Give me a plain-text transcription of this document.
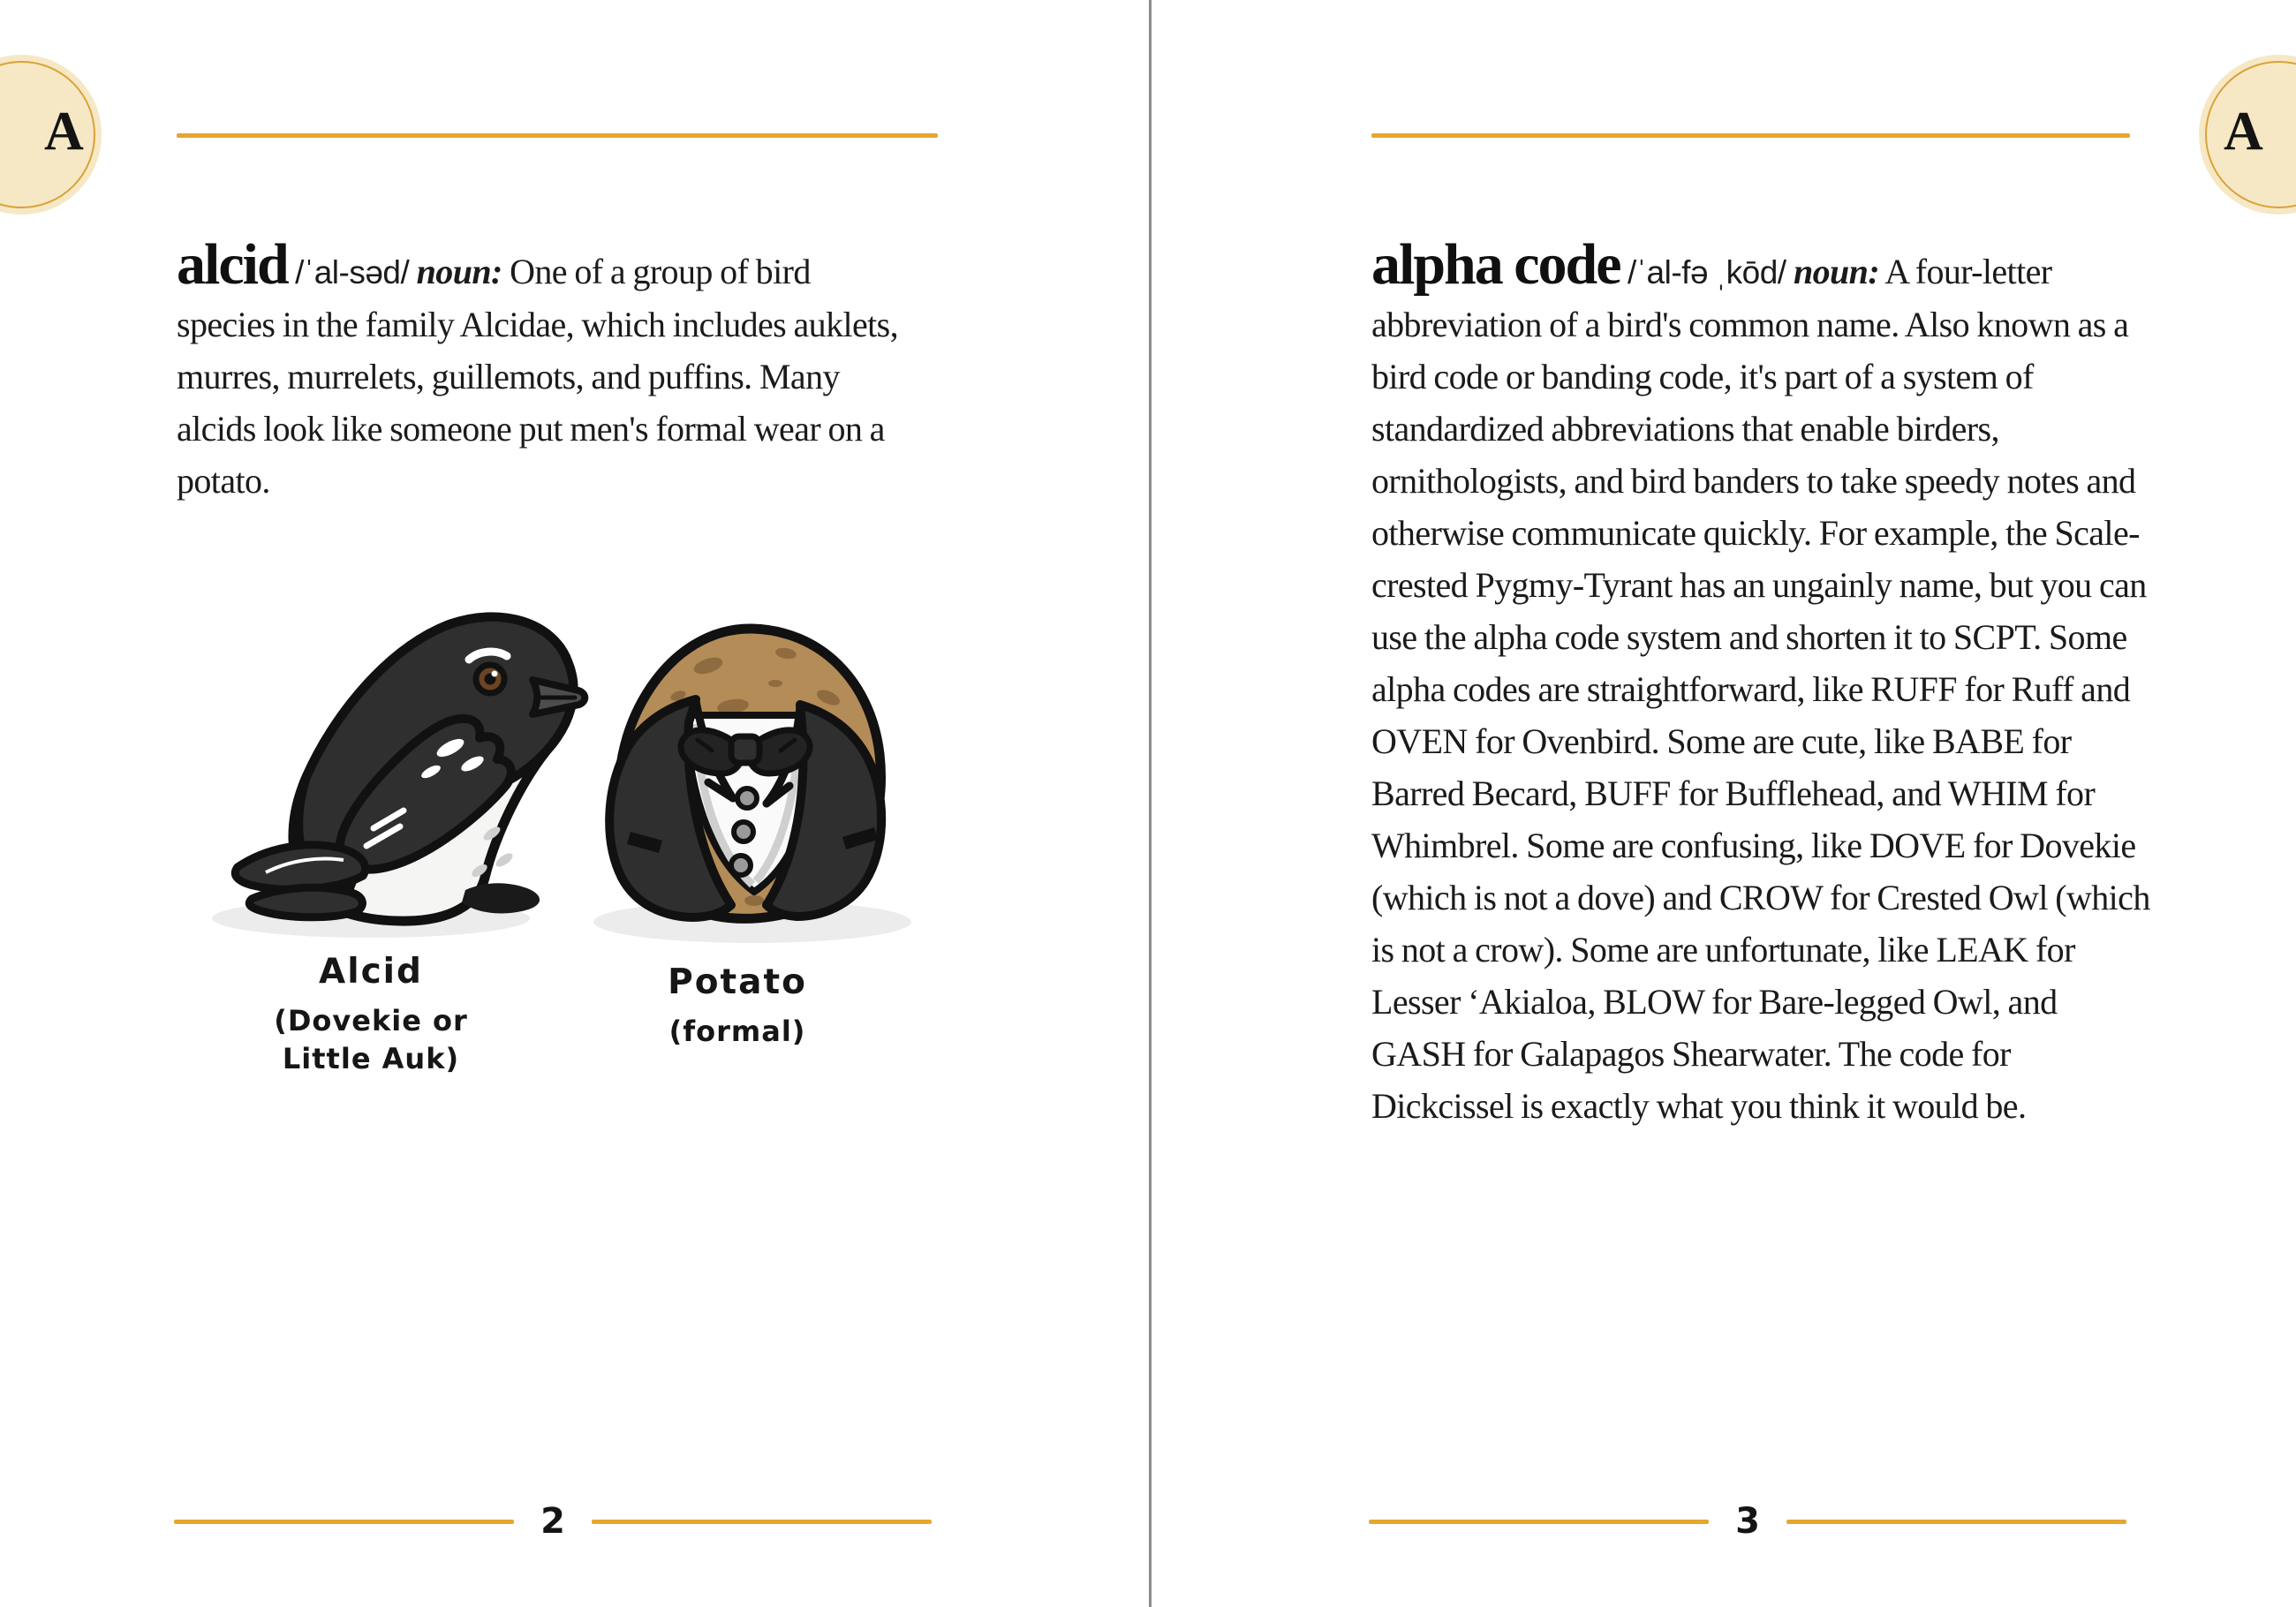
A	A

alcid /ˈal-səd/ noun: One of a group of bird species in the family Alcidae, which includes auklets, murres, murrelets, guillemots, and puffins. Many alcids look like someone put men's formal wear on a potato.

alpha code /ˈal-fə ˌkōd/ noun: A four-letter abbreviation of a bird's common name. Also known as a bird code or banding code, it's part of a system of standardized abbreviations that enable birders, ornithologists, and bird banders to take speedy notes and otherwise communicate quickly. For example, the Scale-crested Pygmy-Tyrant has an ungainly name, but you can use the alpha code system and shorten it to SCPT. Some alpha codes are straightforward, like RUFF for Ruff and OVEN for Ovenbird. Some are cute, like BABE for Barred Becard, BUFF for Bufflehead, and WHIM for Whimbrel. Some are confusing, like DOVE for Dovekie (which is not a dove) and CROW for Crested Owl (which is not a crow). Some are unfortunate, like LEAK for Lesser ‘Akialoa, BLOW for Bare-legged Owl, and GASH for Galapagos Shearwater. The code for Dickcissel is exactly what you think it would be.

Alcid
(Dovekie or Little Auk)
Potato
(formal)
2	3
